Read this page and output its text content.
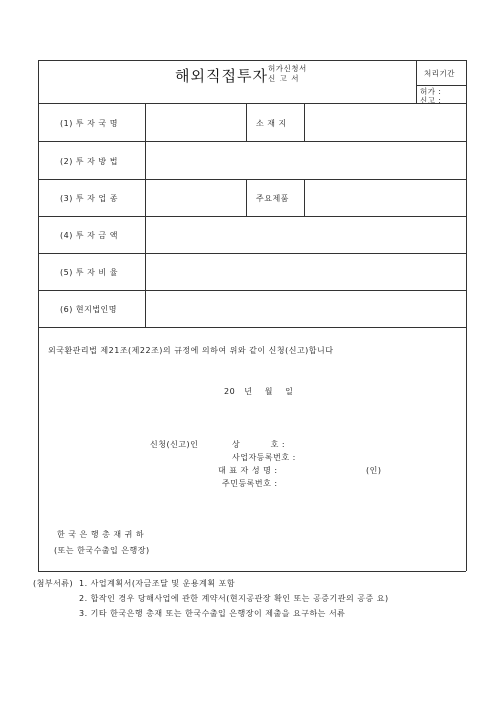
해외직접투자 허가신청서
신 고 서
처리기간
허가 :
신고 :
(1) 투 자 국 명	소 재 지
(2) 투 자 방 법
(3) 투 자 업 종	주요제품
(4) 투 자 금 액
(5) 투 자 비 율
(6) 현지법인명
외국환관리법 제21조(제22조)의 규정에 의하여 위와 같이 신청(신고)합니다
20   년    월    일
신청(신고)인	상          호 :
사업자등록번호 :
대 표 자 성 명 :	(인)
주민등록번호 :
한 국 은 행 총 재 귀 하
(또는 한국수출입 은행장)
(첨부서류) 1. 사업계획서(자금조달 및 운용계획 포함
2. 합작인 경우 당해사업에 관한 계약서(현지공관장 확인 또는 공증기관의 공증 요)
3. 기타 한국은행 총재 또는 한국수출입 은행장이 제출을 요구하는 서류
